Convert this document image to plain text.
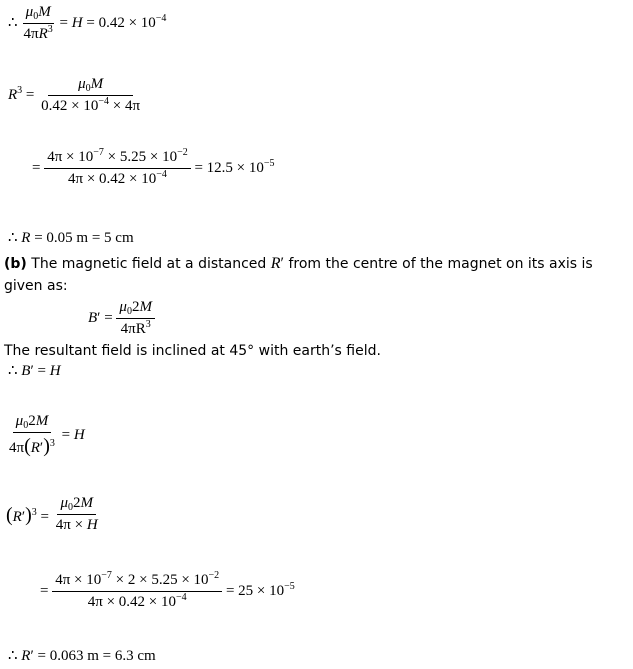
∴ $\frac{\mu_0M}{4\pi R^3} = H = 0.42 \times 10^{-4}$
$R^3 = \frac{\mu_0M}{0.42 \times 10^{-4} \times 4\pi}$
= $\frac{4\pi \times 10^{-7} \times 5.25 \times 10^{-2}}{4\pi \times 0.42 \times 10^{-4}} = 12.5 \times 10^{-5}$
∴ R = 0.05 m = 5 cm
(b) The magnetic field at a distanced R′ from the centre of the magnet on its axis is given as:
$B' = \frac{\mu_02M}{4\pi R^3}$
The resultant field is inclined at 45° with earth’s field.
∴ B′ = H
$\frac{\mu_02M}{4\pi(R')^3} = H$
$(R')^3 = \frac{\mu_02M}{4\pi \times H}$
= $\frac{4\pi \times 10^{-7} \times 2 \times 5.25 \times 10^{-2}}{4\pi \times 0.42 \times 10^{-4}} = 25 \times 10^{-5}$
∴ R′ = 0.063 m = 6.3 cm
